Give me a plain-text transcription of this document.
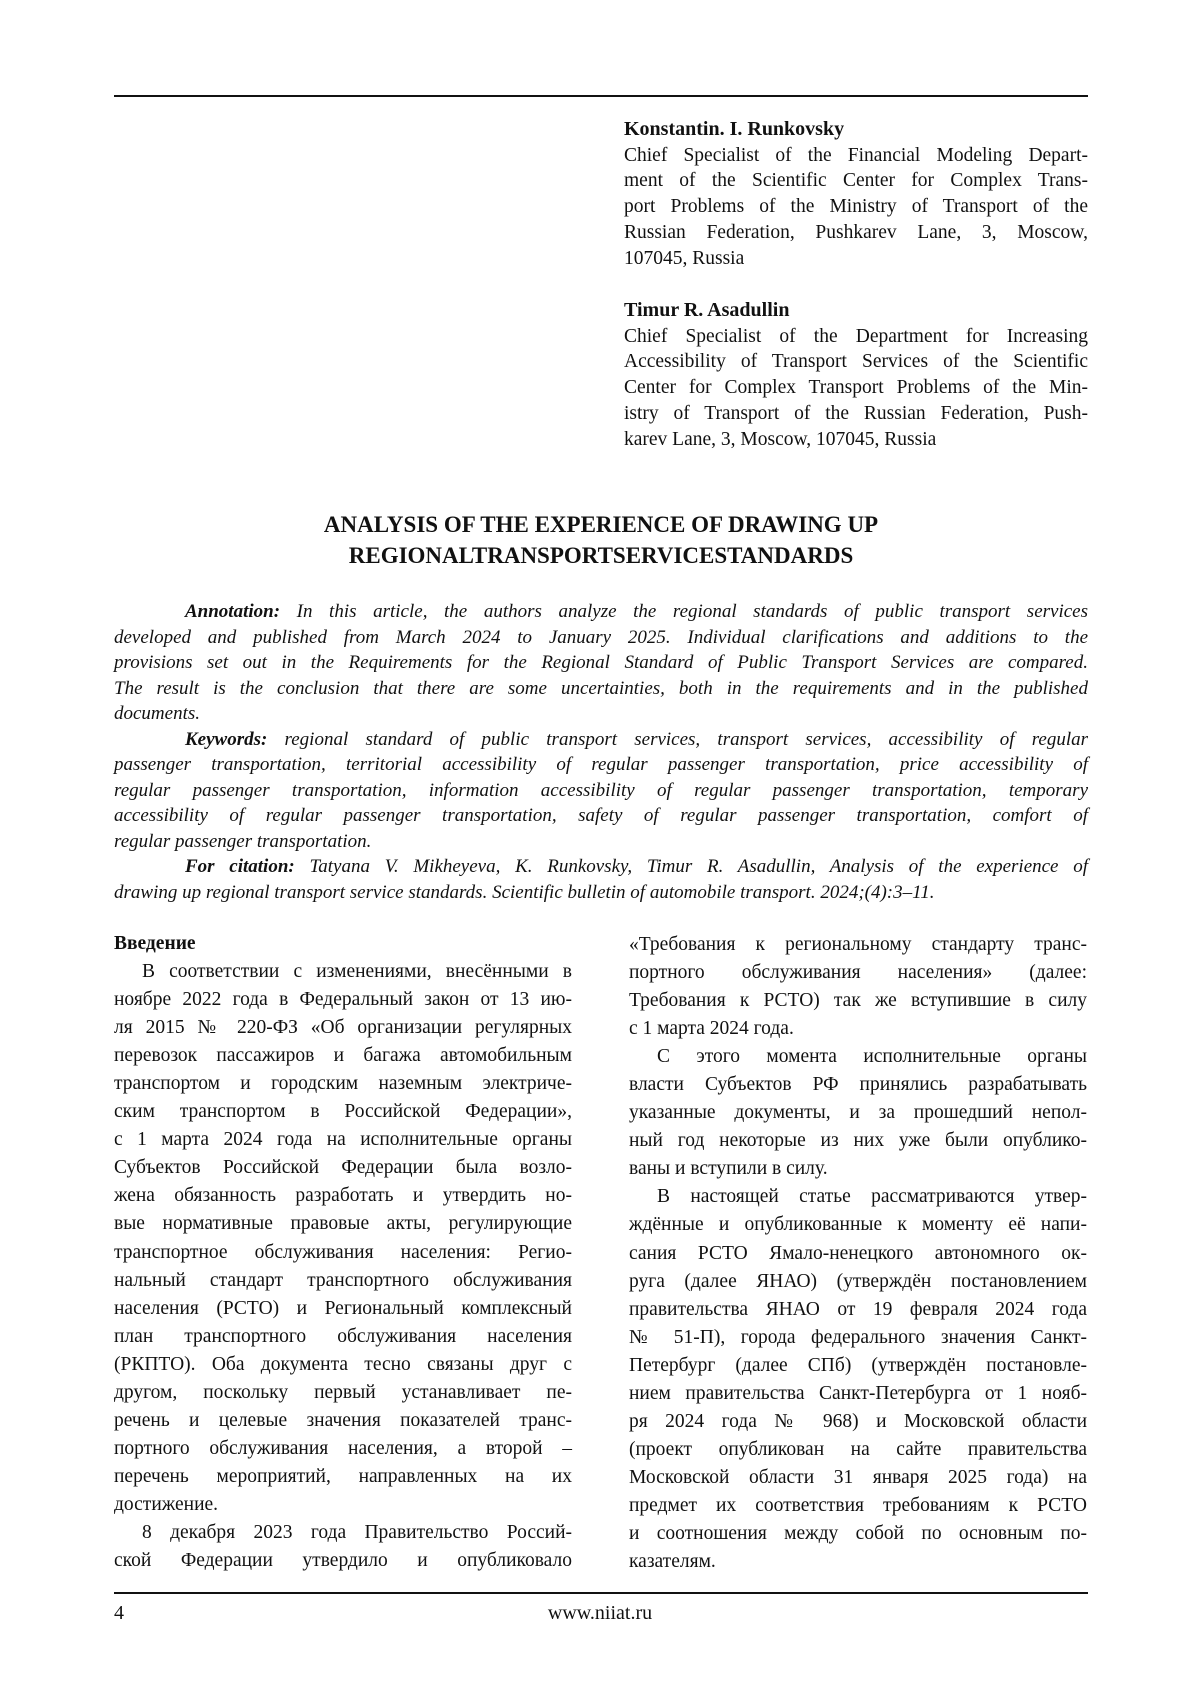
Konstantin. I. Runkovsky
Chief Specialist of the Financial Modeling Depart-
ment of the Scientific Center for Complex Trans-
port Problems of the Ministry of Transport of the
Russian Federation, Pushkarev Lane, 3, Moscow,
107045, Russia
Timur R. Asadullin
Chief Specialist of the Department for Increasing
Accessibility of Transport Services of the Scientific
Center for Complex Transport Problems of the Min-
istry of Transport of the Russian Federation, Push-
karev Lane, 3, Moscow, 107045, Russia
ANALYSIS OF THE EXPERIENCE OF DRAWING UP
REGIONALTRANSPORTSERVICESTANDARDS
Annotation: In this article, the authors analyze the regional standards of public transport services
developed and published from March 2024 to January 2025. Individual clarifications and additions to the
provisions set out in the Requirements for the Regional Standard of Public Transport Services are compared.
The result is the conclusion that there are some uncertainties, both in the requirements and in the published
documents.
Keywords: regional standard of public transport services, transport services, accessibility of regular
passenger transportation, territorial accessibility of regular passenger transportation, price accessibility of
regular passenger transportation, information accessibility of regular passenger transportation, temporary
accessibility of regular passenger transportation, safety of regular passenger transportation, comfort of
regular passenger transportation.
For citation: Tatyana V. Mikheyeva, K. Runkovsky, Timur R. Asadullin, Analysis of the experience of
drawing up regional transport service standards. Scientific bulletin of automobile transport. 2024;(4):3–11.
Введение
В соответствии с изменениями, внесёнными в
ноябре 2022 года в Федеральный закон от 13 ию-
ля 2015 № 220-ФЗ «Об организации регулярных
перевозок пассажиров и багажа автомобильным
транспортом и городским наземным электриче-
ским транспортом в Российской Федерации»,
с 1 марта 2024 года на исполнительные органы
Субъектов Российской Федерации была возло-
жена обязанность разработать и утвердить но-
вые нормативные правовые акты, регулирующие
транспортное обслуживания населения: Регио-
нальный стандарт транспортного обслуживания
населения (РСТО) и Региональный комплексный
план транспортного обслуживания населения
(РКПТО). Оба документа тесно связаны друг с
другом, поскольку первый устанавливает пе-
речень и целевые значения показателей транс-
портного обслуживания населения, а второй –
перечень мероприятий, направленных на их
достижение.
8 декабря 2023 года Правительство Россий-
ской Федерации утвердило и опубликовало
«Требования к региональному стандарту транс-
портного обслуживания населения» (далее:
Требования к РСТО) так же вступившие в силу
с 1 марта 2024 года.
С этого момента исполнительные органы
власти Субъектов РФ принялись разрабатывать
указанные документы, и за прошедший непол-
ный год некоторые из них уже были опублико-
ваны и вступили в силу.
В настоящей статье рассматриваются утвер-
ждённые и опубликованные к моменту её напи-
сания РСТО Ямало-ненецкого автономного ок-
руга (далее ЯНАО) (утверждён постановлением
правительства ЯНАО от 19 февраля 2024 года
№ 51-П), города федерального значения Санкт-
Петербург (далее СПб) (утверждён постановле-
нием правительства Санкт-Петербурга от 1 нояб-
ря 2024 года № 968) и Московской области
(проект опубликован на сайте правительства
Московской области 31 января 2025 года) на
предмет их соответствия требованиям к РСТО
и соотношения между собой по основным по-
казателям.
4	www.niiat.ru
